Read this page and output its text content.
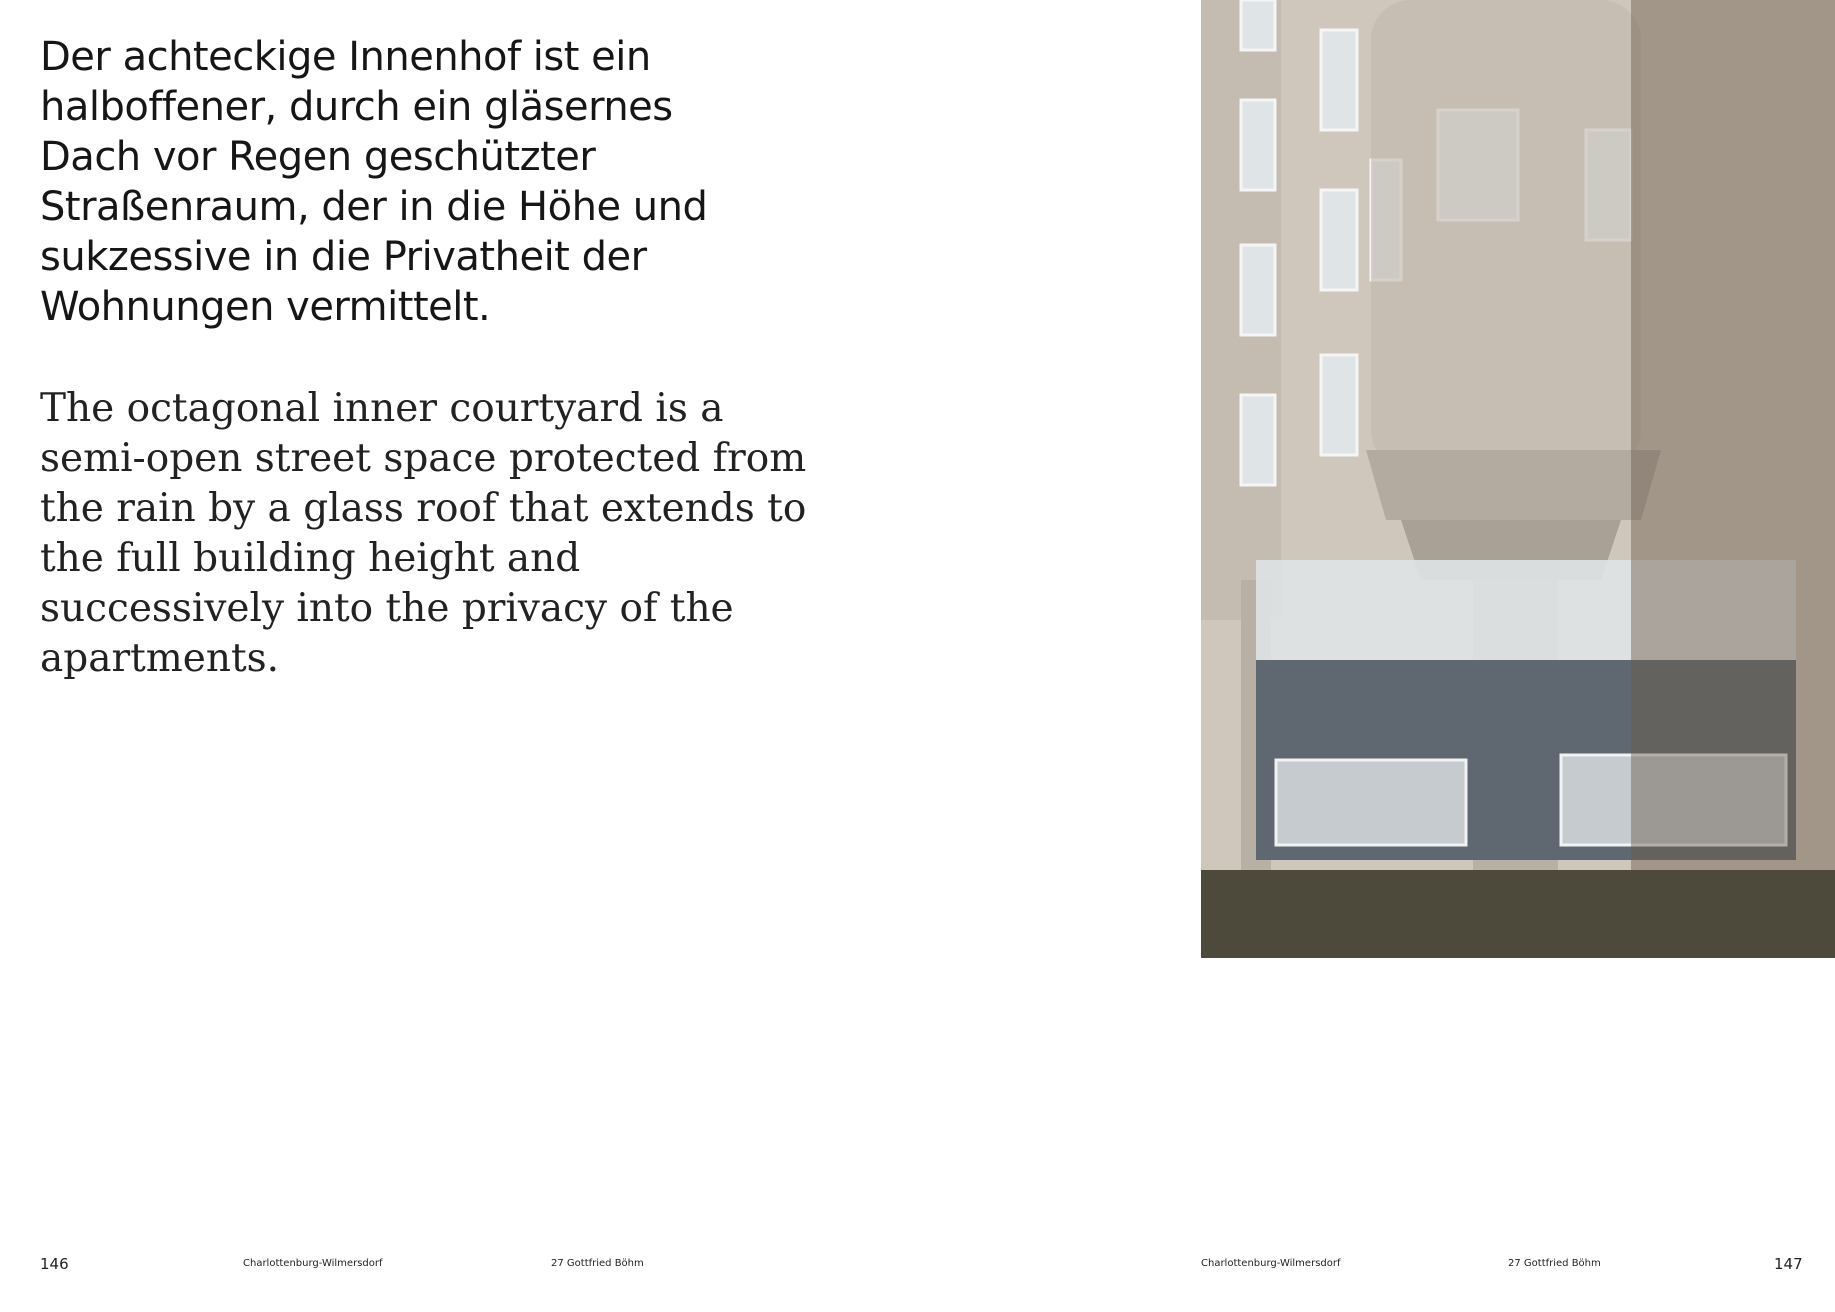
Der achteckige Innenhof ist ein halboffener, durch ein gläsernes Dach vor Regen geschützter Straßenraum, der in die Höhe und sukzessive in die Privatheit der Wohnungen vermittelt.
The octagonal inner courtyard is a semi-open street space protected from the rain by a glass roof that extends to the full building height and successively into the privacy of the apartments.
146	Charlottenburg-Wilmersdorf	27 Gottfried Böhm	Charlottenburg-Wilmersdorf	27 Gottfried Böhm	147
